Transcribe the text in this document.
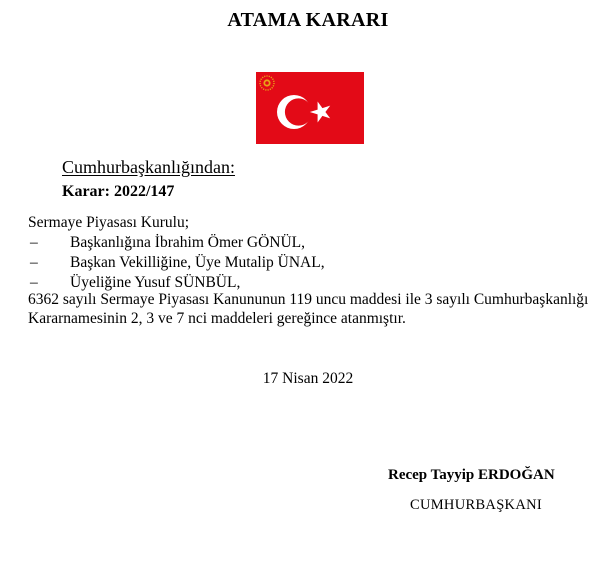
ATAMA KARARI
Cumhurbaşkanlığından:
Karar: 2022/147
Sermaye Piyasası Kurulu;
– Başkanlığına İbrahim Ömer GÖNÜL,
– Başkan Vekilliğine, Üye Mutalip ÜNAL,
– Üyeliğine Yusuf SÜNBÜL,
6362 sayılı Sermaye Piyasası Kanununun 119 uncu maddesi ile 3 sayılı Cumhurbaşkanlığı
Kararnamesinin 2, 3 ve 7 nci maddeleri gereğince atanmıştır.
17 Nisan 2022
Recep Tayyip ERDOĞAN
CUMHURBAŞKANI
